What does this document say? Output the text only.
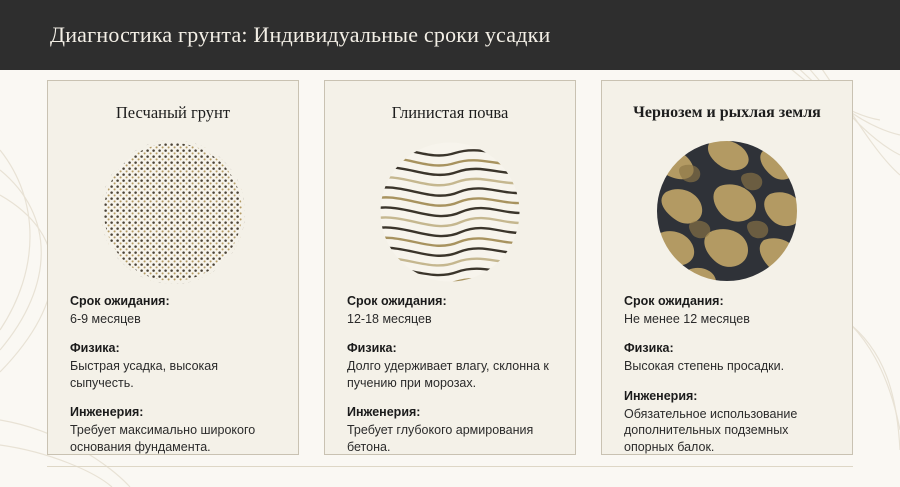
Диагностика грунта: Индивидуальные сроки усадки
Песчаный грунт
Срок ожидания:
6-9 месяцев
Физика:
Быстрая усадка, высокая сыпучесть.
Инженерия:
Требует максимально широкого основания фундамента.
Глинистая почва
Срок ожидания:
12-18 месяцев
Физика:
Долго удерживает влагу, склонна к пучению при морозах.
Инженерия:
Требует глубокого армирования бетона.
Чернозем и рыхлая земля
Срок ожидания:
Не менее 12 месяцев
Физика:
Высокая степень просадки.
Инженерия:
Обязательное использование дополнительных подземных опорных балок.
